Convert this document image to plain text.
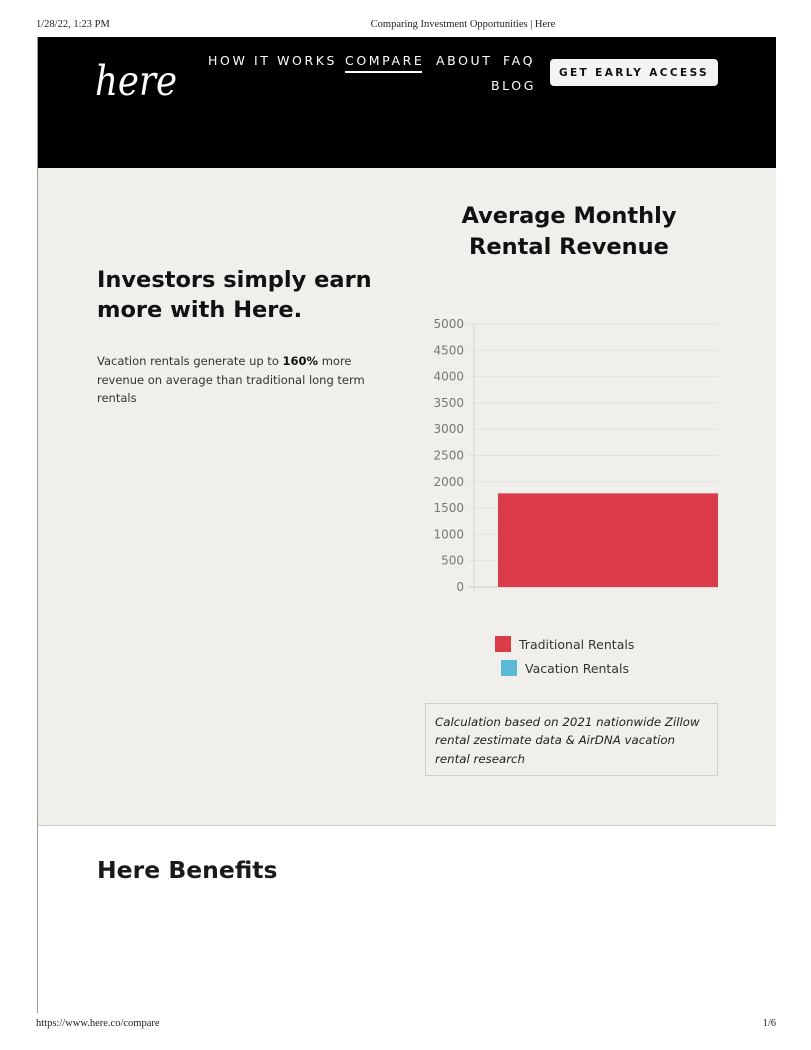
1/28/22, 1:23 PM	Comparing Investment Opportunities | Here
here HOW IT WORKS COMPARE ABOUT FAQ
BLOG
GET EARLY ACCESS
Investors simply earn more with Here.

Vacation rentals generate up to 160% more revenue on average than traditional long term rentals

Average Monthly Rental Revenue
0
500
1000
1500
2000
2500
3000
3500
4000
4500
5000
Traditional Rentals
Vacation Rentals
Calculation based on 2021 nationwide Zillow rental zestimate data & AirDNA vacation rental research
Here Benefits
https://www.here.co/compare	1/6
